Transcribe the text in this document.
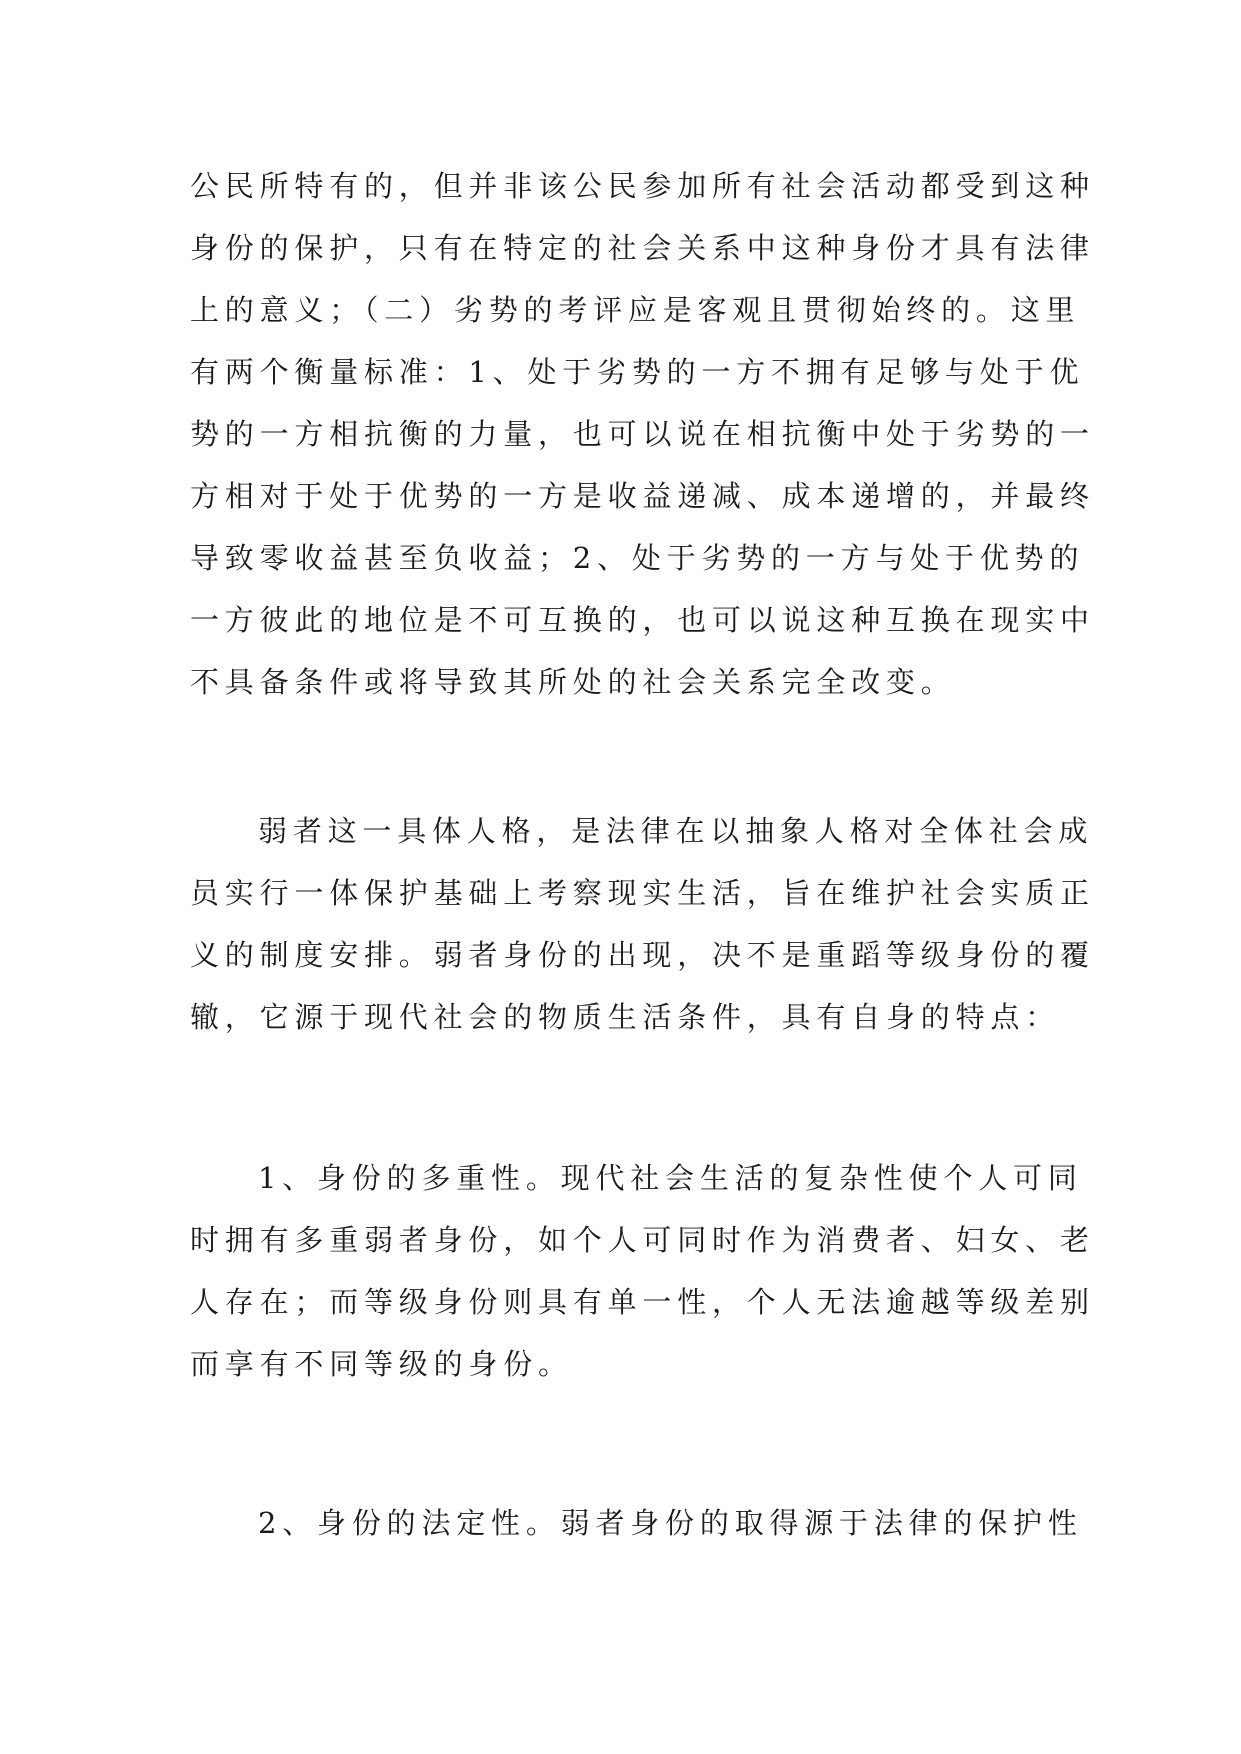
公民所特有的，但并非该公民参加所有社会活动都受到这种
身份的保护，只有在特定的社会关系中这种身份才具有法律
上的意义；（二）劣势的考评应是客观且贯彻始终的。这里
有两个衡量标准：1、处于劣势的一方不拥有足够与处于优
势的一方相抗衡的力量，也可以说在相抗衡中处于劣势的一
方相对于处于优势的一方是收益递减、成本递增的，并最终
导致零收益甚至负收益；2、处于劣势的一方与处于优势的
一方彼此的地位是不可互换的，也可以说这种互换在现实中
不具备条件或将导致其所处的社会关系完全改变。
弱者这一具体人格，是法律在以抽象人格对全体社会成
员实行一体保护基础上考察现实生活，旨在维护社会实质正
义的制度安排。弱者身份的出现，决不是重蹈等级身份的覆
辙，它源于现代社会的物质生活条件，具有自身的特点：
1、身份的多重性。现代社会生活的复杂性使个人可同
时拥有多重弱者身份，如个人可同时作为消费者、妇女、老
人存在；而等级身份则具有单一性，个人无法逾越等级差别
而享有不同等级的身份。
2、身份的法定性。弱者身份的取得源于法律的保护性
